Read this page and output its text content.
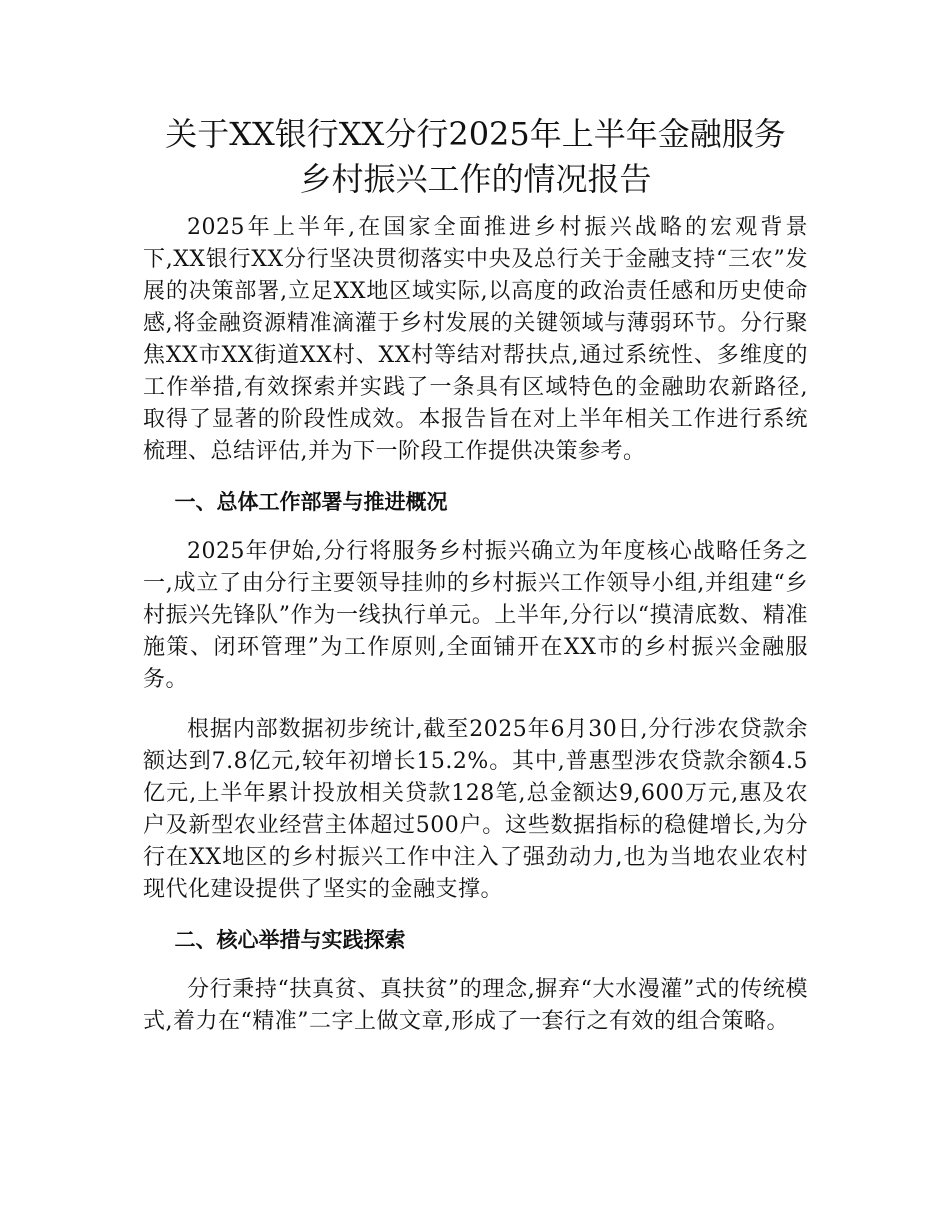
关于XX银行XX分行2025年上半年金融服务
乡村振兴工作的情况报告

2025年上半年,在国家全面推进乡村振兴战略的宏观背景下,XX银行XX分行坚决贯彻落实中央及总行关于金融支持“三农”发展的决策部署,立足XX地区域实际,以高度的政治责任感和历史使命感,将金融资源精准滴灌于乡村发展的关键领域与薄弱环节。分行聚焦XX市XX街道XX村、XX村等结对帮扶点,通过系统性、多维度的工作举措,有效探索并实践了一条具有区域特色的金融助农新路径,取得了显著的阶段性成效。本报告旨在对上半年相关工作进行系统梳理、总结评估,并为下一阶段工作提供决策参考。

一、总体工作部署与推进概况

2025年伊始,分行将服务乡村振兴确立为年度核心战略任务之一,成立了由分行主要领导挂帅的乡村振兴工作领导小组,并组建“乡村振兴先锋队”作为一线执行单元。上半年,分行以“摸清底数、精准施策、闭环管理”为工作原则,全面铺开在XX市的乡村振兴金融服务。

根据内部数据初步统计,截至2025年6月30日,分行涉农贷款余额达到7.8亿元,较年初增长15.2%。其中,普惠型涉农贷款余额4.5亿元,上半年累计投放相关贷款128笔,总金额达9,600万元,惠及农户及新型农业经营主体超过500户。这些数据指标的稳健增长,为分行在XX地区的乡村振兴工作中注入了强劲动力,也为当地农业农村现代化建设提供了坚实的金融支撑。

二、核心举措与实践探索

分行秉持“扶真贫、真扶贫”的理念,摒弃“大水漫灌”式的传统模式,着力在“精准”二字上做文章,形成了一套行之有效的组合策略。
